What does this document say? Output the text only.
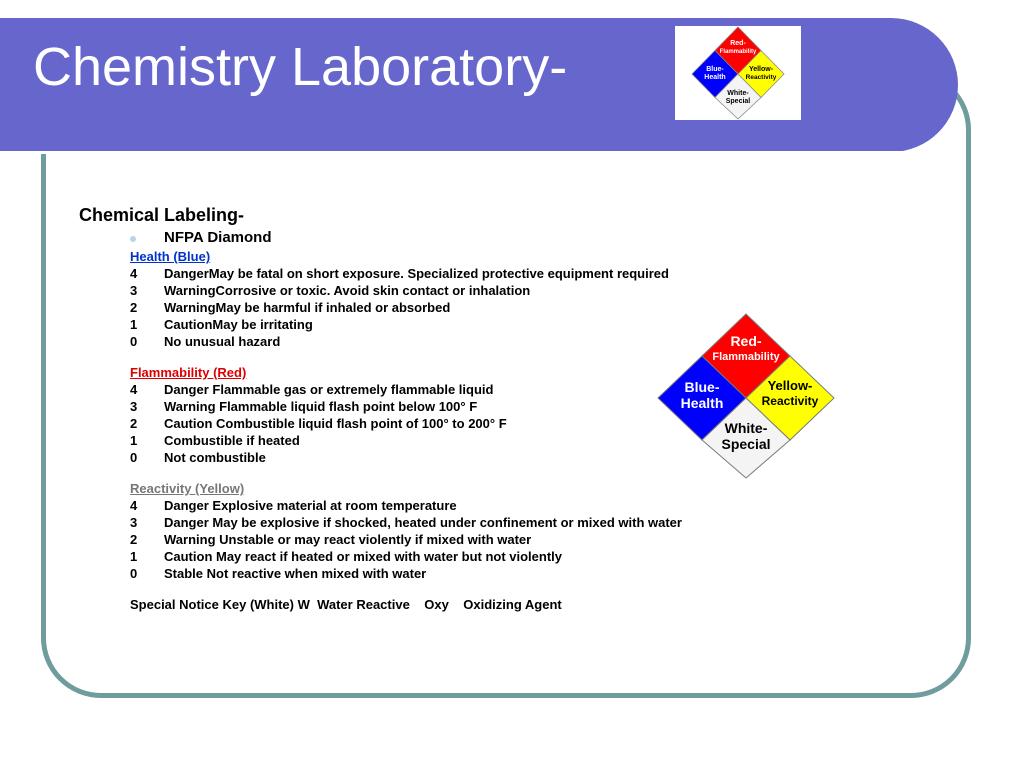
Chemistry Laboratory-	Red-
Flammability
Blue-
Health
Yellow-
Reactivity
White-
Special
Chemical Labeling-
NFPA Diamond
Health (Blue)
4 DangerMay be fatal on short exposure. Specialized protective equipment required
3 WarningCorrosive or toxic. Avoid skin contact or inhalation
2 WarningMay be harmful if inhaled or absorbed
1 CautionMay be irritating
0 No unusual hazard
Flammability (Red)
4 Danger Flammable gas or extremely flammable liquid
3 Warning Flammable liquid flash point below 100° F
2 Caution Combustible liquid flash point of 100° to 200° F
1 Combustible if heated
0 Not combustible
Reactivity (Yellow)
4 Danger Explosive material at room temperature
3 Danger May be explosive if shocked, heated under confinement or mixed with water
2 Warning Unstable or may react violently if mixed with water
1 Caution May react if heated or mixed with water but not violently
0 Stable Not reactive when mixed with water
Special Notice Key (White) W  Water Reactive    Oxy    Oxidizing Agent
Red-
Flammability
Blue-
Health
Yellow-
Reactivity
White-
Special
